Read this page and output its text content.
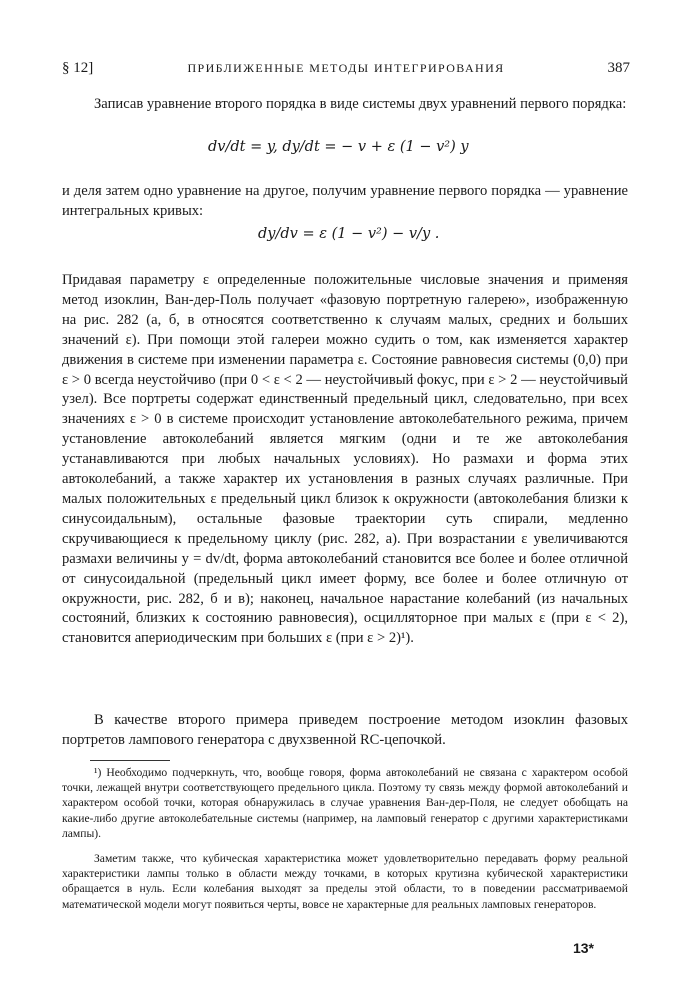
§ 12]	ПРИБЛИЖЕННЫЕ МЕТОДЫ ИНТЕГРИРОВАНИЯ	387

Записав уравнение второго порядка в виде системы двух уравнений первого порядка:

dv/dt = y, dy/dt = − v + ε (1 − v²) y

и деля затем одно уравнение на другое, получим уравнение первого порядка — уравнение интегральных кривых:

dy/dv = ε (1 − v²) − v/y .

Придавая параметру ε определенные положительные числовые значения и применяя метод изоклин, Ван-дер-Поль получает «фазовую портретную галерею», изображенную на рис. 282 (а, б, в относятся соответственно к случаям малых, средних и больших значений ε). При помощи этой галереи можно судить о том, как изменяется характер движения в системе при изменении параметра ε. Состояние равновесия системы (0,0) при ε > 0 всегда неустойчиво (при 0 < ε < 2 — неустойчивый фокус, при ε > 2 — неустойчивый узел). Все портреты содержат единственный предельный цикл, следовательно, при всех значениях ε > 0 в системе происходит установление автоколебательного режима, причем установление автоколебаний является мягким (одни и те же автоколебания устанавливаются при любых начальных условиях). Но размахи и форма этих автоколебаний, а также характер их установления в разных случаях различные. При малых положительных ε предельный цикл близок к окружности (автоколебания близки к синусоидальным), остальные фазовые траектории суть спирали, медленно скручивающиеся к предельному циклу (рис. 282, а). При возрастании ε увеличиваются размахи величины y = dv/dt, форма автоколебаний становится все более и более отличной от синусоидальной (предельный цикл имеет форму, все более и более отличную от окружности, рис. 282, б и в); наконец, начальное нарастание колебаний (из начальных состояний, близких к состоянию равновесия), осцилляторное при малых ε (при ε < 2), становится апериодическим при больших ε (при ε > 2)¹).

В качестве второго примера приведем построение методом изоклин фазовых портретов лампового генератора с двухзвенной RC-цепочкой.

¹) Необходимо подчеркнуть, что, вообще говоря, форма автоколебаний не связана с характером особой точки, лежащей внутри соответствующего предельного цикла. Поэтому ту связь между формой автоколебаний и характером особой точки, которая обнаружилась в случае уравнения Ван-дер-Поля, не следует обобщать на какие-либо другие автоколебательные системы (например, на ламповый генератор с другими характеристиками лампы).

Заметим также, что кубическая характеристика может удовлетворительно передавать форму реальной характеристики лампы только в области между точками, в которых крутизна кубической характеристики обращается в нуль. Если колебания выходят за пределы этой области, то в поведении рассматриваемой математической модели могут появиться черты, вовсе не характерные для реальных ламповых генераторов.

13*
